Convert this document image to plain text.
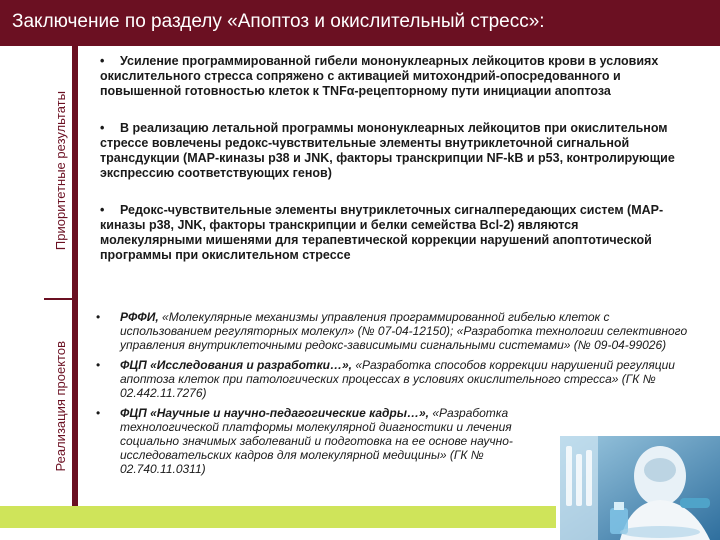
Заключение по разделу «Апоптоз и окислительный стресс»:
Приоритетные результаты
Реализация проектов
• Усиление программированной гибели мононуклеарных лейкоцитов крови в условиях окислительного стресса сопряжено с активацией митохондрий-опосредованного и повышенной готовностью клеток к TNFα-рецепторному пути инициации апоптоза
• В реализацию летальной программы мононуклеарных лейкоцитов при окислительном стрессе вовлечены редокс-чувствительные элементы внутриклеточной сигнальной трансдукции (MAP-киназы р38 и JNK, факторы транскрипции NF-kB и р53, контролирующие экспрессию соответствующих генов)
• Редокс-чувствительные элементы внутриклеточных сигналпередающих систем (MAP-киназы р38, JNK, факторы транскрипции и белки семейства Bcl-2) являются молекулярными мишенями для терапевтической коррекции нарушений апоптотической программы при окислительном стрессе
• РФФИ, «Молекулярные механизмы управления программированной гибелью клеток с использованием регуляторных молекул» (№ 07-04-12150); «Разработка технологии селективного управления внутриклеточными редокс-зависимыми сигнальными системами» (№ 09-04-99026)
• ФЦП «Исследования и разработки…», «Разработка способов коррекции нарушений регуляции апоптоза клеток при патологических процессах в условиях окислительного стресса» (ГК № 02.442.11.7276)
• ФЦП «Научные и научно-педагогические кадры…», «Разработка технологической платформы молекулярной диагностики и лечения социально значимых заболеваний и подготовка на ее основе научно-исследовательских кадров для молекулярной медицины» (ГК № 02.740.11.0311)
